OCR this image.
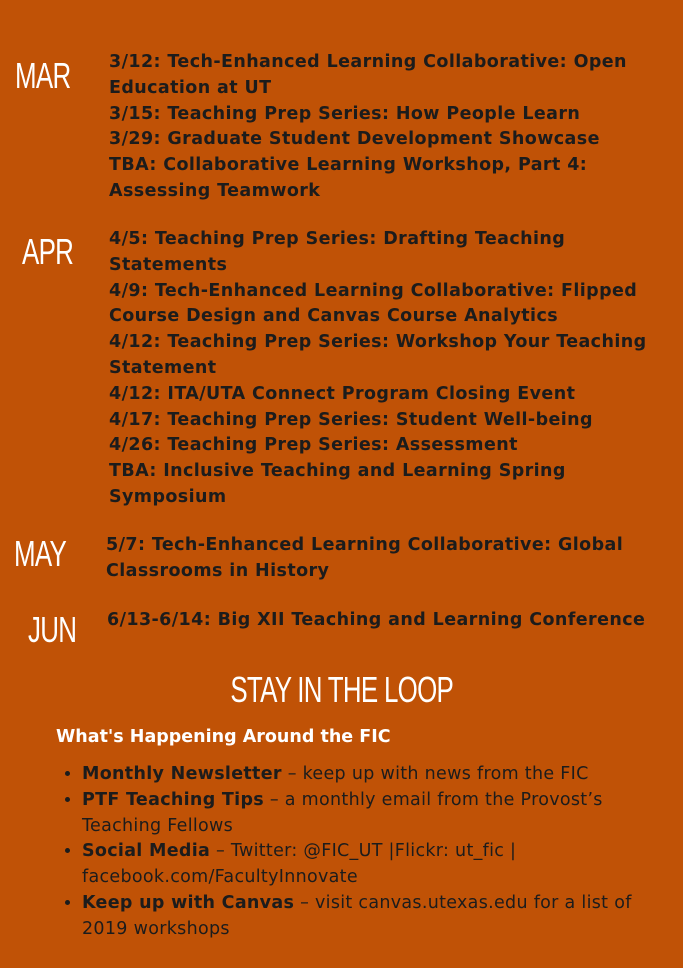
MAR 3/12: Tech-Enhanced Learning Collaborative: Open Education at UT
3/15: Teaching Prep Series: How People Learn
3/29: Graduate Student Development Showcase
TBA: Collaborative Learning Workshop, Part 4: Assessing Teamwork
APR 4/5: Teaching Prep Series: Drafting Teaching Statements
4/9: Tech-Enhanced Learning Collaborative: Flipped Course Design and Canvas Course Analytics
4/12: Teaching Prep Series: Workshop Your Teaching Statement
4/12: ITA/UTA Connect Program Closing Event
4/17: Teaching Prep Series: Student Well-being
4/26: Teaching Prep Series: Assessment
TBA: Inclusive Teaching and Learning Spring Symposium
MAY 5/7: Tech-Enhanced Learning Collaborative: Global Classrooms in History
JUN 6/13-6/14: Big XII Teaching and Learning Conference
STAY IN THE LOOP
What's Happening Around the FIC
• Monthly Newsletter – keep up with news from the FIC
• PTF Teaching Tips – a monthly email from the Provost’s Teaching Fellows
• Social Media – Twitter: @FIC_UT |Flickr: ut_fic | facebook.com/FacultyInnovate
• Keep up with Canvas – visit canvas.utexas.edu for a list of 2019 workshops
